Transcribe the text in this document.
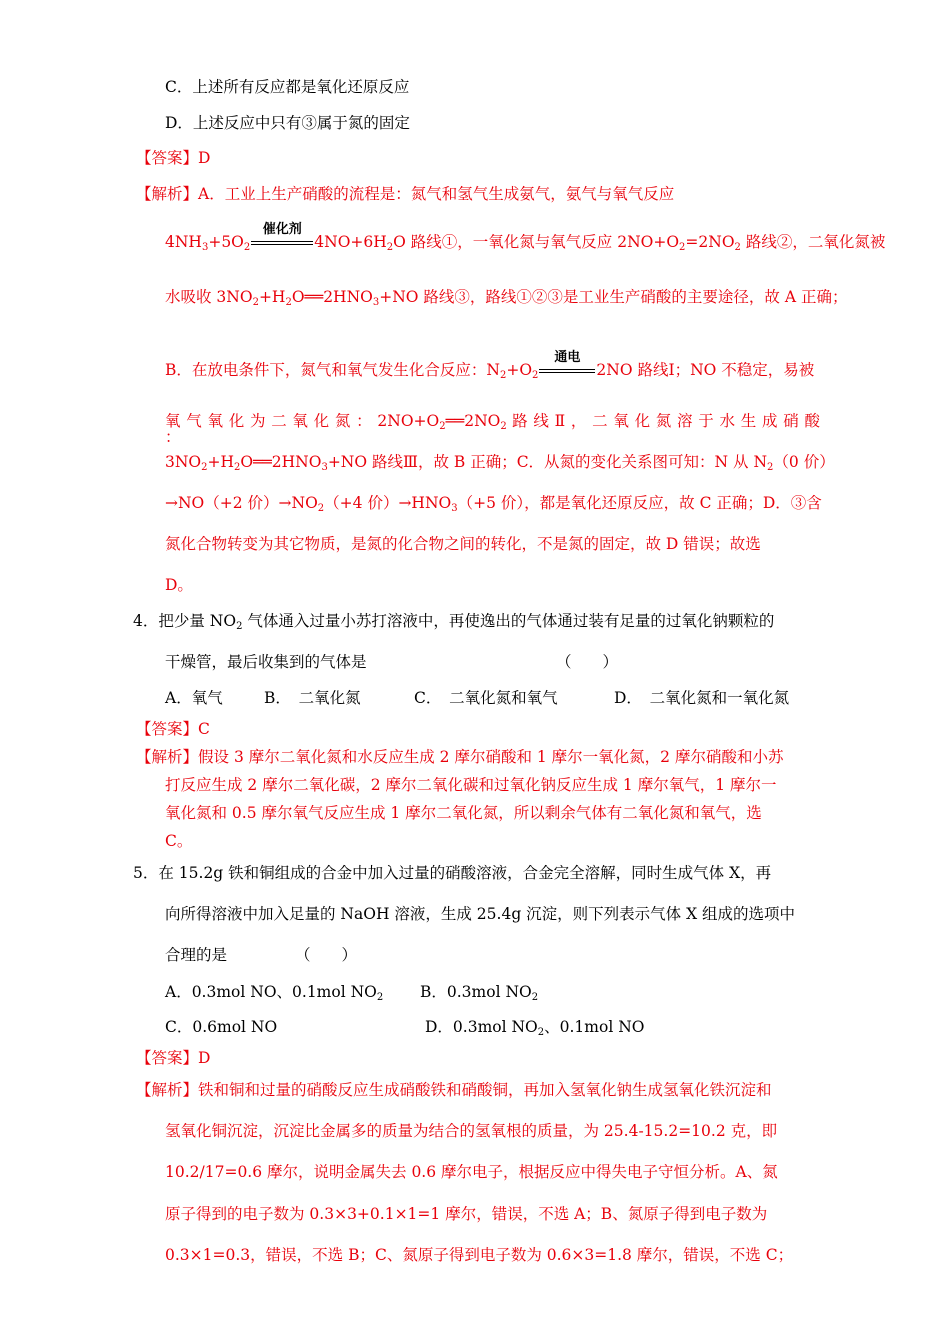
C．上述所有反应都是氧化还原反应
D．上述反应中只有③属于氮的固定
【答案】D
【解析】A．工业上生产硝酸的流程是：氮气和氢气生成氨气，氨气与氧气反应
$4NH_3+5O_2$
催化剂
$4NO+6H_2O$ 路线①，一氧化氮与氧气反应 $2NO+O_2=2NO_2$ 路线②，二氧化氮被
水吸收 $3NO_2+H_2O══2HNO_3+NO$ 路线③，路线①②③是工业生产硝酸的主要途径，故 A 正确；
B．在放电条件下，氮气和氧气发生化合反应：$N_2+O_2$
通电
2NO 路线Ⅰ；NO 不稳定，易被
氧 气 氧 化 为 二 氧 化 氮 ： $2NO+O_2══2NO_2$ 路 线 Ⅱ ， 二 氧 化 氮 溶 于 水 生 成 硝 酸 ：
$3NO_2+H_2O══2HNO_3+NO$ 路线Ⅲ，故 B 正确；C．从氮的变化关系图可知：N 从 $N_2(0$ 价）
→NO（+2 价）$\to NO_2(+4$ 价）$\to HNO_3(+5$ 价），都是氧化还原反应，故 C 正确；D．③含
氮化合物转变为其它物质，是氮的化合物之间的转化，不是氮的固定，故 D 错误；故选
D。
4．把少量 $NO_2$ 气体通入过量小苏打溶液中，再使逸出的气体通过装有足量的过氧化钠颗粒的
干燥管，最后收集到的气体是	（　　）
A．氧气	B．　二氧化氮	C．　二氧化氮和氧气	D．　二氧化氮和一氧化氮
【答案】C
【解析】假设 3 摩尔二氧化氮和水反应生成 2 摩尔硝酸和 1 摩尔一氧化氮，2 摩尔硝酸和小苏
打反应生成 2 摩尔二氧化碳，2 摩尔二氧化碳和过氧化钠反应生成 1 摩尔氧气，1 摩尔一
氧化氮和 0.5 摩尔氧气反应生成 1 摩尔二氧化氮，所以剩余气体有二氧化氮和氧气，选
C。
5．在 15.2g 铁和铜组成的合金中加入过量的硝酸溶液，合金完全溶解，同时生成气体 X，再
向所得溶液中加入足量的 NaOH 溶液，生成 25.4g 沉淀，则下列表示气体 X 组成的选项中
合理的是	（　　）
A．0.3mol NO、0.1mol $NO_2$ B．0.3mol $NO_2$
C．0.6mol NO	D．0.3mol $NO_2$、0.1mol NO
【答案】D
【解析】铁和铜和过量的硝酸反应生成硝酸铁和硝酸铜，再加入氢氧化钠生成氢氧化铁沉淀和
氢氧化铜沉淀，沉淀比金属多的质量为结合的氢氧根的质量，为 25.4-15.2=10.2 克，即
10.2/17=0.6 摩尔，说明金属失去 0.6 摩尔电子，根据反应中得失电子守恒分析。A、氮
原子得到的电子数为 0.3×3+0.1×1=1 摩尔，错误，不选 A；B、氮原子得到电子数为
0.3×1=0.3，错误，不选 B；C、氮原子得到电子数为 0.6×3=1.8 摩尔，错误，不选 C；
